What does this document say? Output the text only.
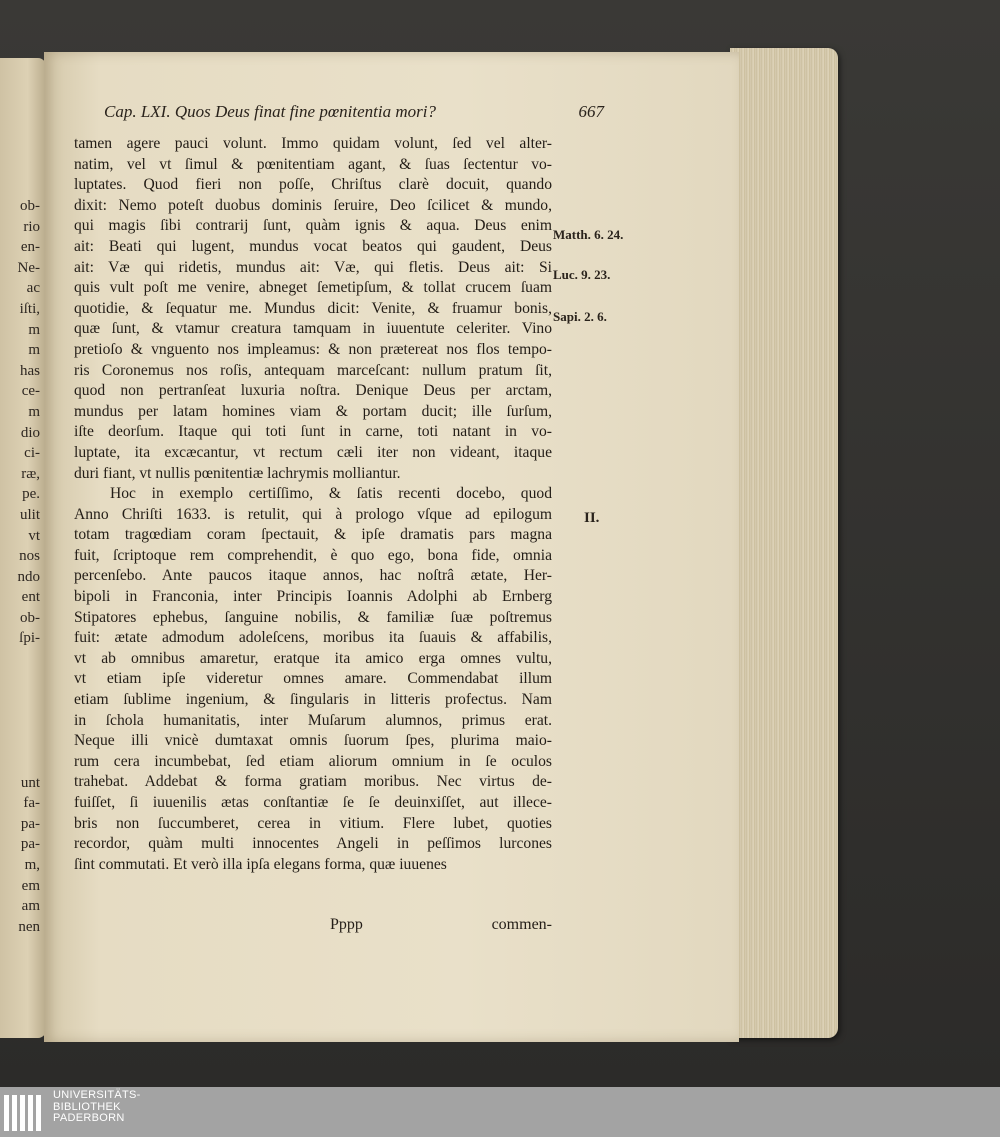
ob-
rio
en-
Ne-
ac
iſti,
m
m
has
ce-
m
dio
ci-
ræ,
pe.
ulit
vt
nos
ndo
ent
ob-
ſpi-
unt
fa-
pa-
pa-
m,
em
am
nen
Cap. LXI. Quos Deus finat fine pœnitentia mori?	667
tamen agere pauci volunt. Immo quidam volunt, ſed vel alter-
natim, vel vt ſimul & pœnitentiam agant, & ſuas ſectentur vo-
luptates. Quod fieri non poſſe, Chriſtus clarè docuit, quando
dixit: Nemo poteſt duobus dominis ſeruire, Deo ſcilicet & mundo,
qui magis ſibi contrarij ſunt, quàm ignis & aqua. Deus enim
ait: Beati qui lugent, mundus vocat beatos qui gaudent, Deus
ait: Væ qui ridetis, mundus ait: Væ, qui fletis. Deus ait: Si
quis vult poſt me venire, abneget ſemetipſum, & tollat crucem ſuam
quotidie, & ſequatur me. Mundus dicit: Venite, & fruamur bonis,
quæ ſunt, & vtamur creatura tamquam in iuuentute celeriter. Vino
pretioſo & vnguento nos impleamus: & non prætereat nos flos tempo-
ris Coronemus nos roſis, antequam marceſcant: nullum pratum ſit,
quod non pertranſeat luxuria noſtra. Denique Deus per arctam,
mundus per latam homines viam & portam ducit; ille ſurſum,
iſte deorſum. Itaque qui toti ſunt in carne, toti natant in vo-
luptate, ita excæcantur, vt rectum cæli iter non videant, itaque
duri fiant, vt nullis pœnitentiæ lachrymis molliantur.
Hoc in exemplo certiſſimo, & ſatis recenti docebo, quod
Anno Chriſti 1633. is retulit, qui à prologo vſque ad epilogum
totam tragœdiam coram ſpectauit, & ipſe dramatis pars magna
fuit, ſcriptoque rem comprehendit, è quo ego, bona fide, omnia
percenſebo. Ante paucos itaque annos, hac noſtrâ ætate, Her-
bipoli in Franconia, inter Principis Ioannis Adolphi ab Ernberg
Stipatores ephebus, ſanguine nobilis, & familiæ ſuæ poſtremus
fuit: ætate admodum adoleſcens, moribus ita ſuauis & affabilis,
vt ab omnibus amaretur, eratque ita amico erga omnes vultu,
vt etiam ipſe videretur omnes amare. Commendabat illum
etiam ſublime ingenium, & ſingularis in litteris profectus. Nam
in ſchola humanitatis, inter Muſarum alumnos, primus erat.
Neque illi vnicè dumtaxat omnis ſuorum ſpes, plurima maio-
rum cera incumbebat, ſed etiam aliorum omnium in ſe oculos
trahebat. Addebat & forma gratiam moribus. Nec virtus de-
fuiſſet, ſi iuuenilis ætas conſtantiæ ſe ſe deuinxiſſet, aut illece-
bris non ſuccumberet, cerea in vitium. Flere lubet, quoties
recordor, quàm multi innocentes Angeli in peſſimos lurcones
ſint commutati. Et verò illa ipſa elegans forma, quæ iuuenes
Pppp	commen-
Matth. 6. 24.
Luc. 9. 23.
Sapi. 2. 6.
II.
UNIVERSITÄTS-
BIBLIOTHEK
PADERBORN
